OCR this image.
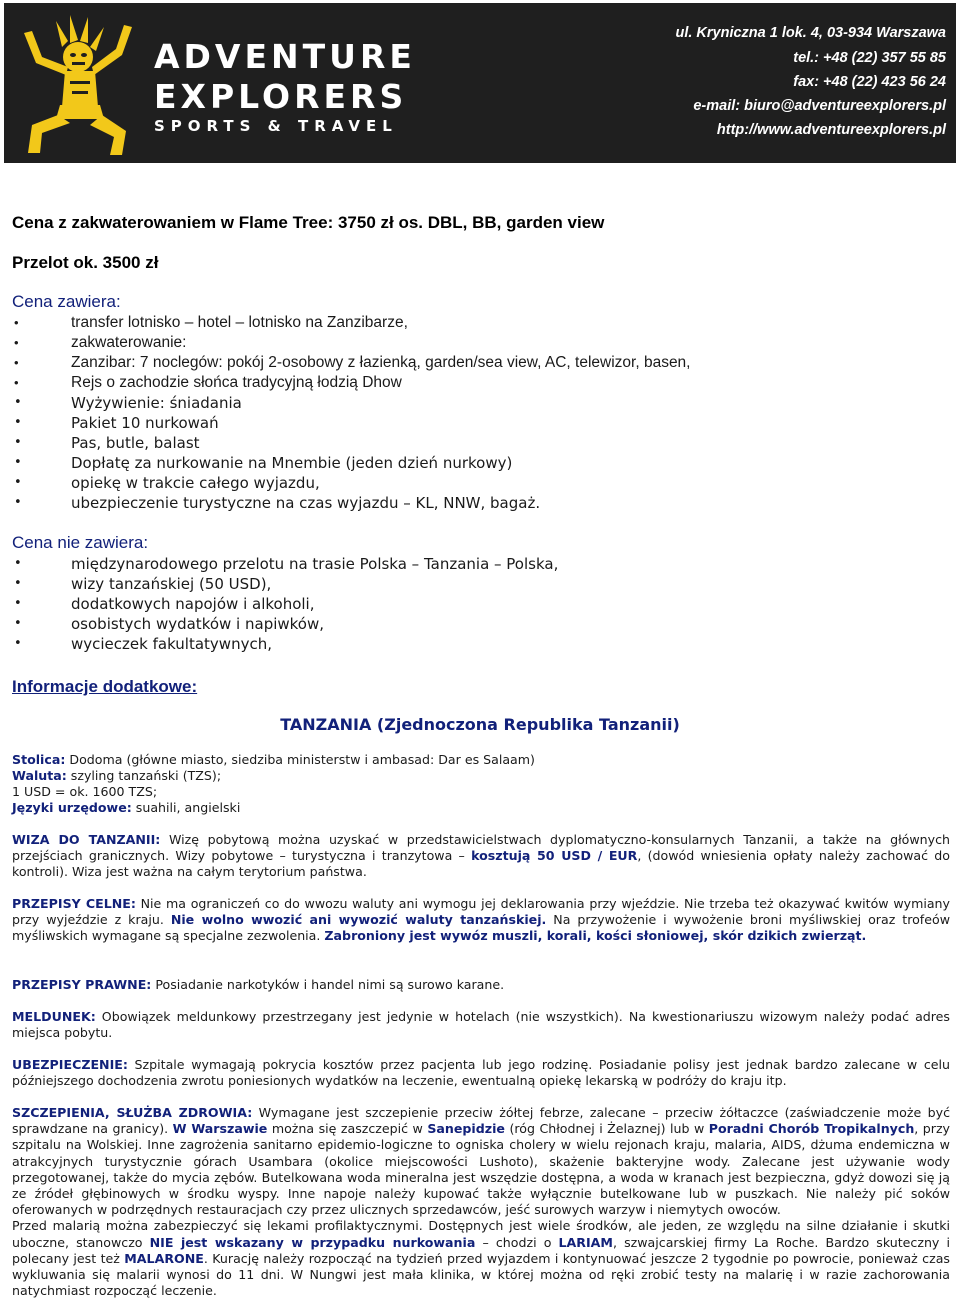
ADVENTURE
EXPLORERS
SPORTS & TRAVEL
ul. Kryniczna 1 lok. 4, 03-934 Warszawa
tel.: +48 (22) 357 55 85
fax: +48 (22) 423 56 24
e-mail: biuro@adventureexplorers.pl
http://www.adventureexplorers.pl
Cena z zakwaterowaniem w Flame Tree: 3750 zł os. DBL, BB, garden view
Przelot ok. 3500 zł
Cena zawiera:
•	transfer lotnisko – hotel – lotnisko na Zanzibarze,
•	zakwaterowanie:
•	Zanzibar: 7 noclegów: pokój 2-osobowy z łazienką, garden/sea view, AC, telewizor, basen,
•	Rejs o zachodzie słońca tradycyjną łodzią Dhow
•	Wyżywienie: śniadania
•	Pakiet 10 nurkowań
•	Pas, butle, balast
•	Dopłatę za nurkowanie na Mnembie (jeden dzień nurkowy)
•	opiekę w trakcie całego wyjazdu,
•	ubezpieczenie turystyczne na czas wyjazdu – KL, NNW, bagaż.
Cena nie zawiera:
•	międzynarodowego przelotu na trasie Polska – Tanzania – Polska,
•	wizy tanzańskiej (50 USD),
•	dodatkowych napojów i alkoholi,
•	osobistych wydatków i napiwków,
•	wycieczek fakultatywnych,
Informacje dodatkowe:
TANZANIA (Zjednoczona Republika Tanzanii)
Stolica: Dodoma (główne miasto, siedziba ministerstw i ambasad: Dar es Salaam)
Waluta: szyling tanzański (TZS);
1 USD = ok. 1600 TZS;
Języki urzędowe: suahili, angielski
WIZA DO TANZANII: Wizę pobytową można uzyskać w przedstawicielstwach dyplomatyczno-konsularnych Tanzanii, a także na głównych przejściach granicznych. Wizy pobytowe – turystyczna i tranzytowa – kosztują 50 USD / EUR, (dowód wniesienia opłaty należy zachować do kontroli). Wiza jest ważna na całym terytorium państwa.
PRZEPISY CELNE: Nie ma ograniczeń co do wwozu waluty ani wymogu jej deklarowania przy wjeździe. Nie trzeba też okazywać kwitów wymiany przy wyjeździe z kraju. Nie wolno wwozić ani wywozić waluty tanzańskiej. Na przywożenie i wywożenie broni myśliwskiej oraz trofeów myśliwskich wymagane są specjalne zezwolenia. Zabroniony jest wywóz muszli, korali, kości słoniowej, skór dzikich zwierząt.
PRZEPISY PRAWNE: Posiadanie narkotyków i handel nimi są surowo karane.
MELDUNEK: Obowiązek meldunkowy przestrzegany jest jedynie w hotelach (nie wszystkich). Na kwestionariuszu wizowym należy podać adres miejsca pobytu.
UBEZPIECZENIE: Szpitale wymagają pokrycia kosztów przez pacjenta lub jego rodzinę. Posiadanie polisy jest jednak bardzo zalecane w celu późniejszego dochodzenia zwrotu poniesionych wydatków na leczenie, ewentualną opiekę lekarską w podróży do kraju itp.
SZCZEPIENIA, SŁUŻBA ZDROWIA: Wymagane jest szczepienie przeciw żółtej febrze, zalecane – przeciw żółtaczce (zaświadczenie może być sprawdzane na granicy). W Warszawie można się zaszczepić w Sanepidzie (róg Chłodnej i Żelaznej) lub w Poradni Chorób Tropikalnych, przy szpitalu na Wolskiej. Inne zagrożenia sanitarno epidemio-logiczne to ogniska cholery w wielu rejonach kraju, malaria, AIDS, dżuma endemiczna w atrakcyjnych turystycznie górach Usambara (okolice miejscowości Lushoto), skażenie bakteryjne wody. Zalecane jest używanie wody przegotowanej, także do mycia zębów. Butelkowana woda mineralna jest wszędzie dostępna, a woda w kranach jest bezpieczna, gdyż dowozi się ją ze źródeł głębinowych w środku wyspy. Inne napoje należy kupować także wyłącznie butelkowane lub w puszkach. Nie należy pić soków oferowanych w podrzędnych restauracjach czy przez ulicznych sprzedawców, jeść surowych warzyw i niemytych owoców.
Przed malarią można zabezpieczyć się lekami profilaktycznymi. Dostępnych jest wiele środków, ale jeden, ze względu na silne działanie i skutki uboczne, stanowczo NIE jest wskazany w przypadku nurkowania – chodzi o LARIAM, szwajcarskiej firmy La Roche. Bardzo skuteczny i polecany jest też MALARONE. Kurację należy rozpocząć na tydzień przed wyjazdem i kontynuować jeszcze 2 tygodnie po powrocie, ponieważ czas wykluwania się malarii wynosi do 11 dni. W Nungwi jest mała klinika, w której można od ręki zrobić testy na malarię i w razie zachorowania natychmiast rozpocząć leczenie.
